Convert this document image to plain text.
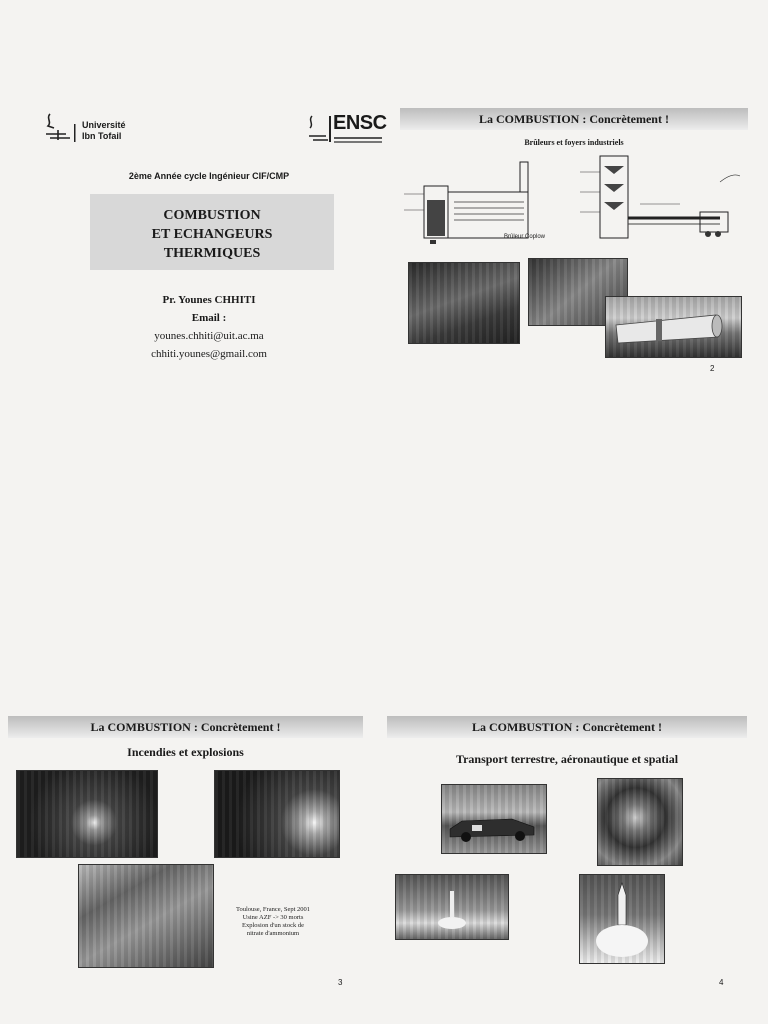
Université
Ibn Tofail
ENSC
2ème Année cycle Ingénieur CIF/CMP
COMBUSTION
ET ECHANGEURS
THERMIQUES
Pr. Younes CHHITI
Email :
younes.chhiti@uit.ac.ma
chhiti.younes@gmail.com
La COMBUSTION : Concrètement !
Brûleurs et foyers industriels
Brûleur Coplow
2
La COMBUSTION : Concrètement !
Incendies et explosions
Toulouse, France, Sept 2001
Usine AZF -> 30 morts
Explosion d'un stock de
nitrate d'ammonium
3
La COMBUSTION : Concrètement !
Transport terrestre, aéronautique et spatial
4
